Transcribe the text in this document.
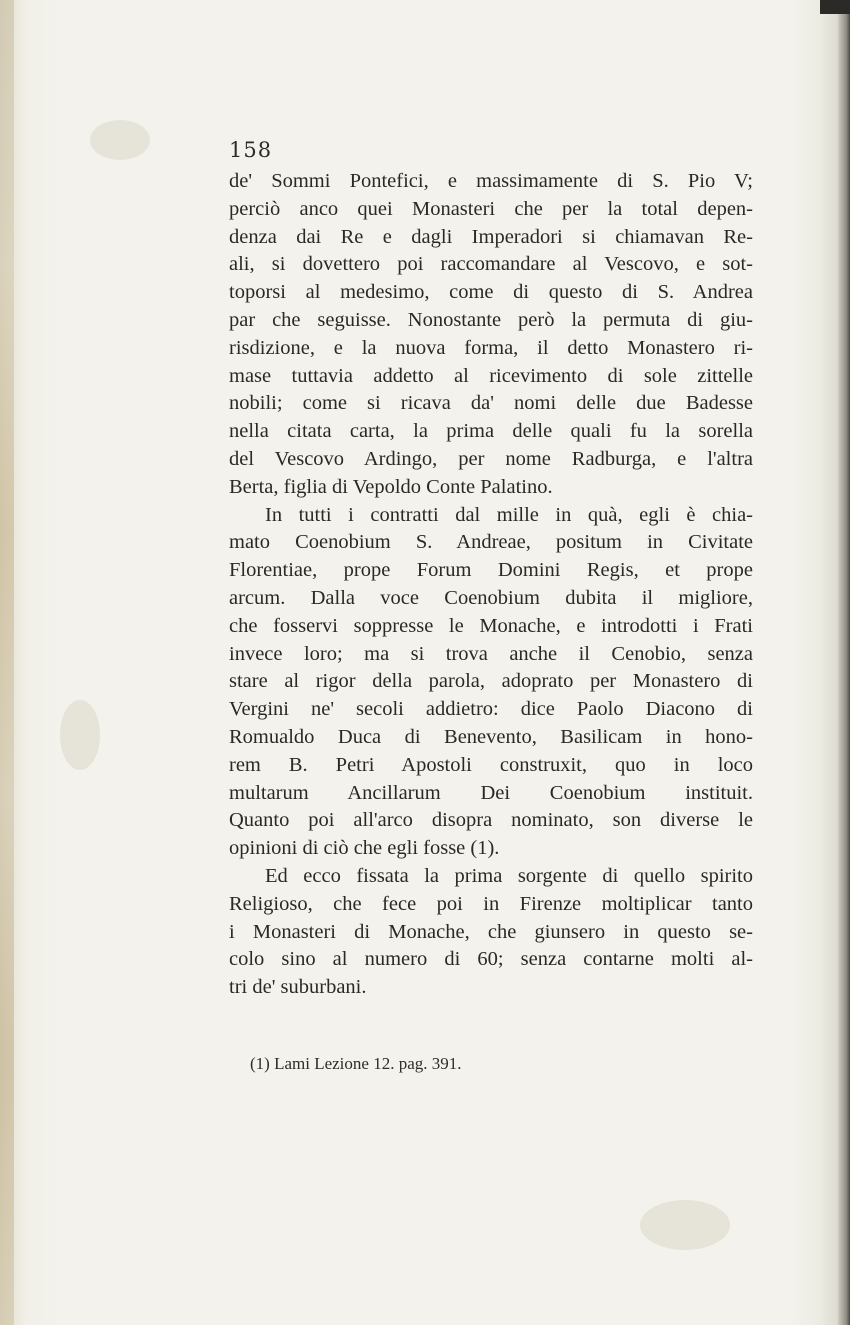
158
de' Sommi Pontefici, e massimamente di S. Pio V;
perciò anco quei Monasteri che per la total depen-
denza dai Re e dagli Imperadori si chiamavan Re-
ali, si dovettero poi raccomandare al Vescovo, e sot-
toporsi al medesimo, come di questo di S. Andrea
par che seguisse. Nonostante però la permuta di giu-
risdizione, e la nuova forma, il detto Monastero ri-
mase tuttavia addetto al ricevimento di sole zittelle
nobili; come si ricava da' nomi delle due Badesse
nella citata carta, la prima delle quali fu la sorella
del Vescovo Ardingo, per nome Radburga, e l'altra
Berta, figlia di Vepoldo Conte Palatino.
In tutti i contratti dal mille in quà, egli è chia-
mato Coenobium S. Andreae, positum in Civitate
Florentiae, prope Forum Domini Regis, et prope
arcum. Dalla voce Coenobium dubita il migliore,
che fosservi soppresse le Monache, e introdotti i Frati
invece loro; ma si trova anche il Cenobio, senza
stare al rigor della parola, adoprato per Monastero di
Vergini ne' secoli addietro: dice Paolo Diacono di
Romualdo Duca di Benevento, Basilicam in hono-
rem B. Petri Apostoli construxit, quo in loco
multarum Ancillarum Dei Coenobium instituit.
Quanto poi all'arco disopra nominato, son diverse le
opinioni di ciò che egli fosse (1).
Ed ecco fissata la prima sorgente di quello spirito
Religioso, che fece poi in Firenze moltiplicar tanto
i Monasteri di Monache, che giunsero in questo se-
colo sino al numero di 60; senza contarne molti al-
tri de' suburbani.
(1) Lami Lezione 12. pag. 391.
